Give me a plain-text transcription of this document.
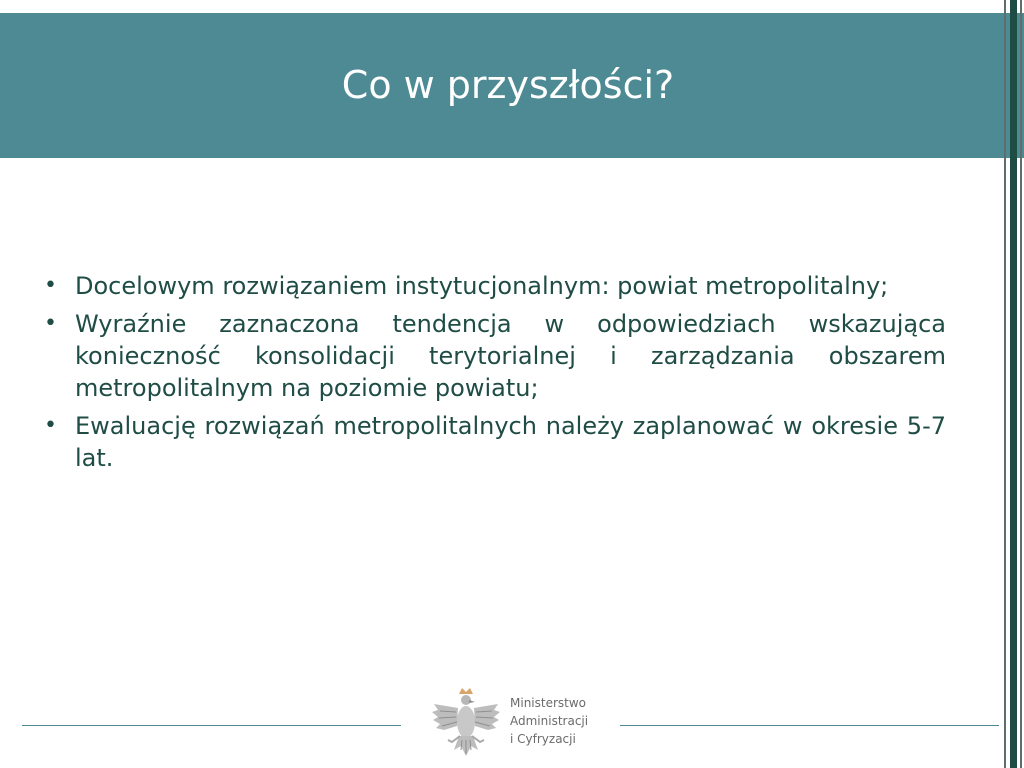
Co w przyszłości?
• Docelowym rozwiązaniem instytucjonalnym: powiat metropolitalny;
• Wyraźnie zaznaczona tendencja w odpowiedziach wskazująca konieczność konsolidacji terytorialnej i zarządzania obszarem metropolitalnym na poziomie powiatu;
• Ewaluację rozwiązań metropolitalnych należy zaplanować w okresie 5-7 lat.
Ministerstwo
Administracji
i Cyfryzacji
